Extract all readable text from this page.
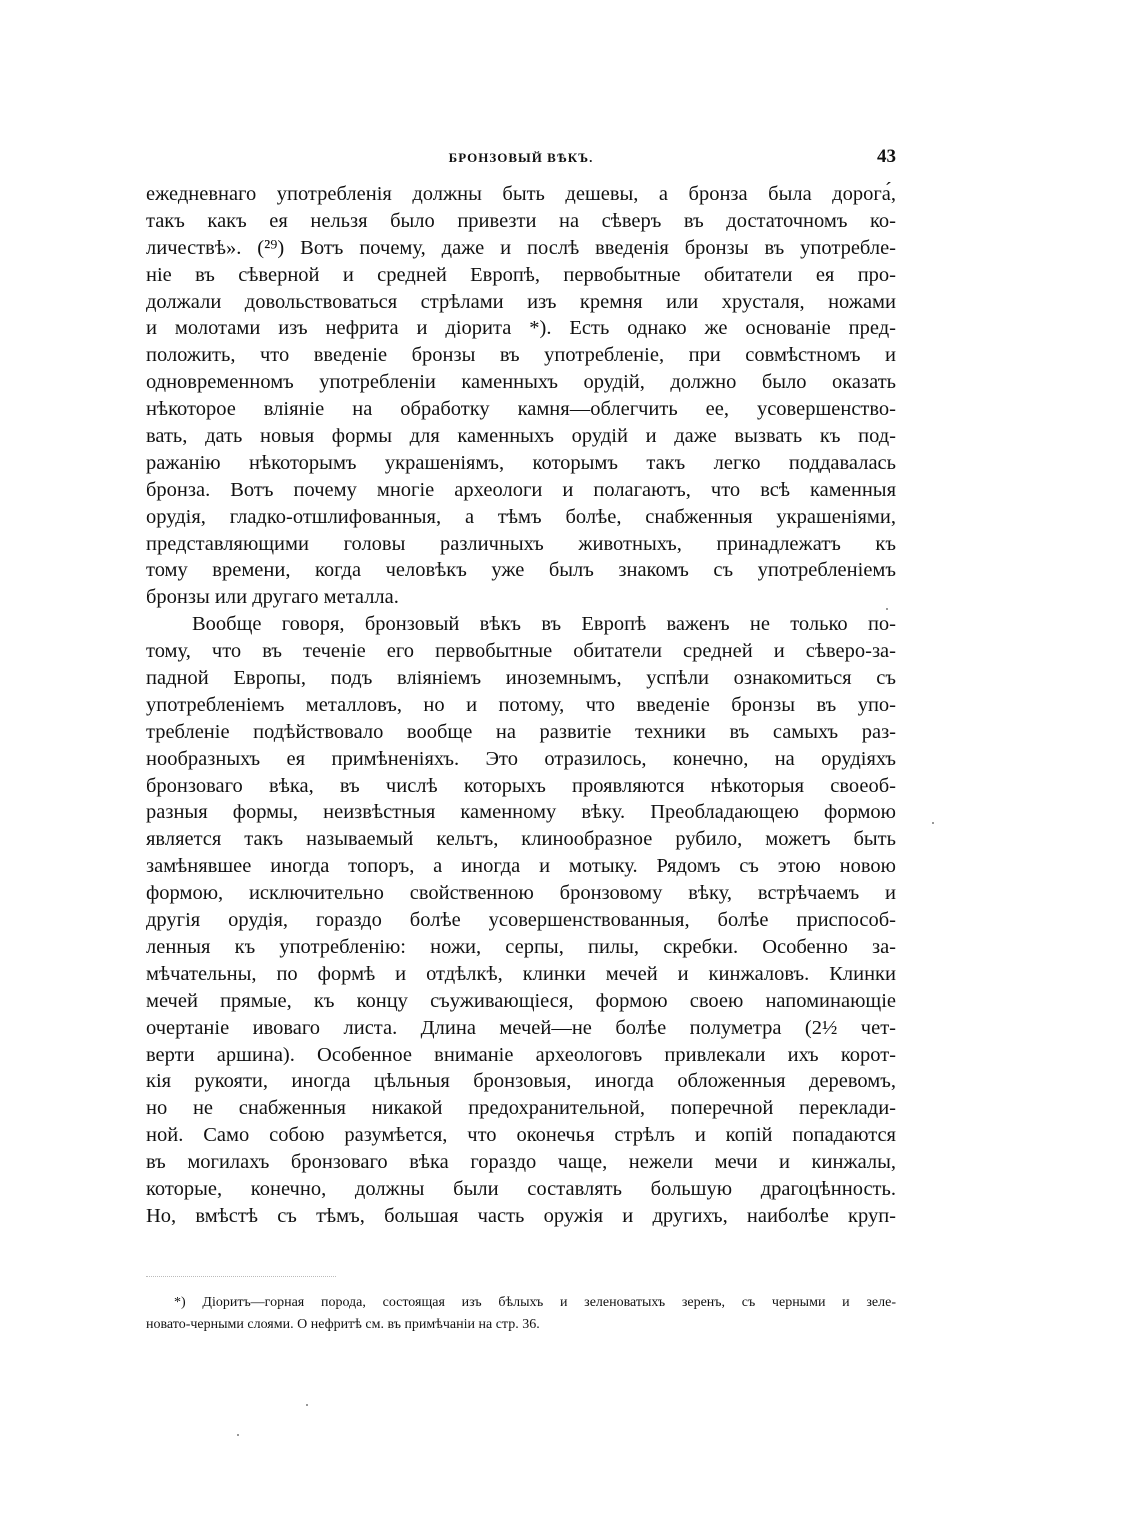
БРОНЗОВЫЙ ВѢКЪ.	43
ежедневнаго употребленія должны быть дешевы, а бронза была дорога́,
такъ какъ ея нельзя было привезти на сѣверъ въ достаточномъ ко-
личествѣ». (²⁹) Вотъ почему, даже и послѣ введенія бронзы въ употребле-
ніе въ сѣверной и средней Европѣ, первобытные обитатели ея про-
должали довольствоваться стрѣлами изъ кремня или хрусталя, ножами
и молотами изъ нефрита и діорита *). Есть однако же основаніе пред-
положить, что введеніе бронзы въ употребленіе, при совмѣстномъ и
одновременномъ употребленіи каменныхъ орудій, должно было оказать
нѣкоторое вліяніе на обработку камня—облегчить ее, усовершенство-
вать, дать новыя формы для каменныхъ орудій и даже вызвать къ под-
ражанію нѣкоторымъ украшеніямъ, которымъ такъ легко поддавалась
бронза. Вотъ почему многіе археологи и полагаютъ, что всѣ каменныя
орудія, гладко-отшлифованныя, а тѣмъ болѣе, снабженныя украшеніями,
представляющими головы различныхъ животныхъ, принадлежатъ къ
тому времени, когда человѣкъ уже былъ знакомъ съ употребленіемъ
бронзы или другаго металла.
Вообще говоря, бронзовый вѣкъ въ Европѣ важенъ не только по-
тому, что въ теченіе его первобытные обитатели средней и сѣверо-за-
падной Европы, подъ вліяніемъ иноземнымъ, успѣли ознакомиться съ
употребленіемъ металловъ, но и потому, что введеніе бронзы въ упо-
требленіе подѣйствовало вообще на развитіе техники въ самыхъ раз-
нообразныхъ ея примѣненіяхъ. Это отразилось, конечно, на орудіяхъ
бронзоваго вѣка, въ числѣ которыхъ проявляются нѣкоторыя своеоб-
разныя формы, неизвѣстныя каменному вѣку. Преобладающею формою
является такъ называемый кельтъ, клинообразное рубило, можетъ быть
замѣнявшее иногда топоръ, а иногда и мотыку. Рядомъ съ этою новою
формою, исключительно свойственною бронзовому вѣку, встрѣчаемъ и
другія орудія, гораздо болѣе усовершенствованныя, болѣе приспособ-
ленныя къ употребленію: ножи, серпы, пилы, скребки. Особенно за-
мѣчательны, по формѣ и отдѣлкѣ, клинки мечей и кинжаловъ. Клинки
мечей прямые, къ концу съуживающіеся, формою своею напоминающіе
очертаніе ивоваго листа. Длина мечей—не болѣе полуметра (2½ чет-
верти аршина). Особенное вниманіе археологовъ привлекали ихъ корот-
кія рукояти, иногда цѣльныя бронзовыя, иногда обложенныя деревомъ,
но не снабженныя никакой предохранительной, поперечной переклади-
ной. Само собою разумѣется, что оконечья стрѣлъ и копій попадаются
въ могилахъ бронзоваго вѣка гораздо чаще, нежели мечи и кинжалы,
которые, конечно, должны были составлять большую драгоцѣнность.
Но, вмѣстѣ съ тѣмъ, большая часть оружія и другихъ, наиболѣе круп-
*) Діоритъ—горная порода, состоящая изъ бѣлыхъ и зеленоватыхъ зеренъ, съ черными и зеле-
новато-черными слоями. О нефритѣ см. въ примѣчаніи на стр. 36.
